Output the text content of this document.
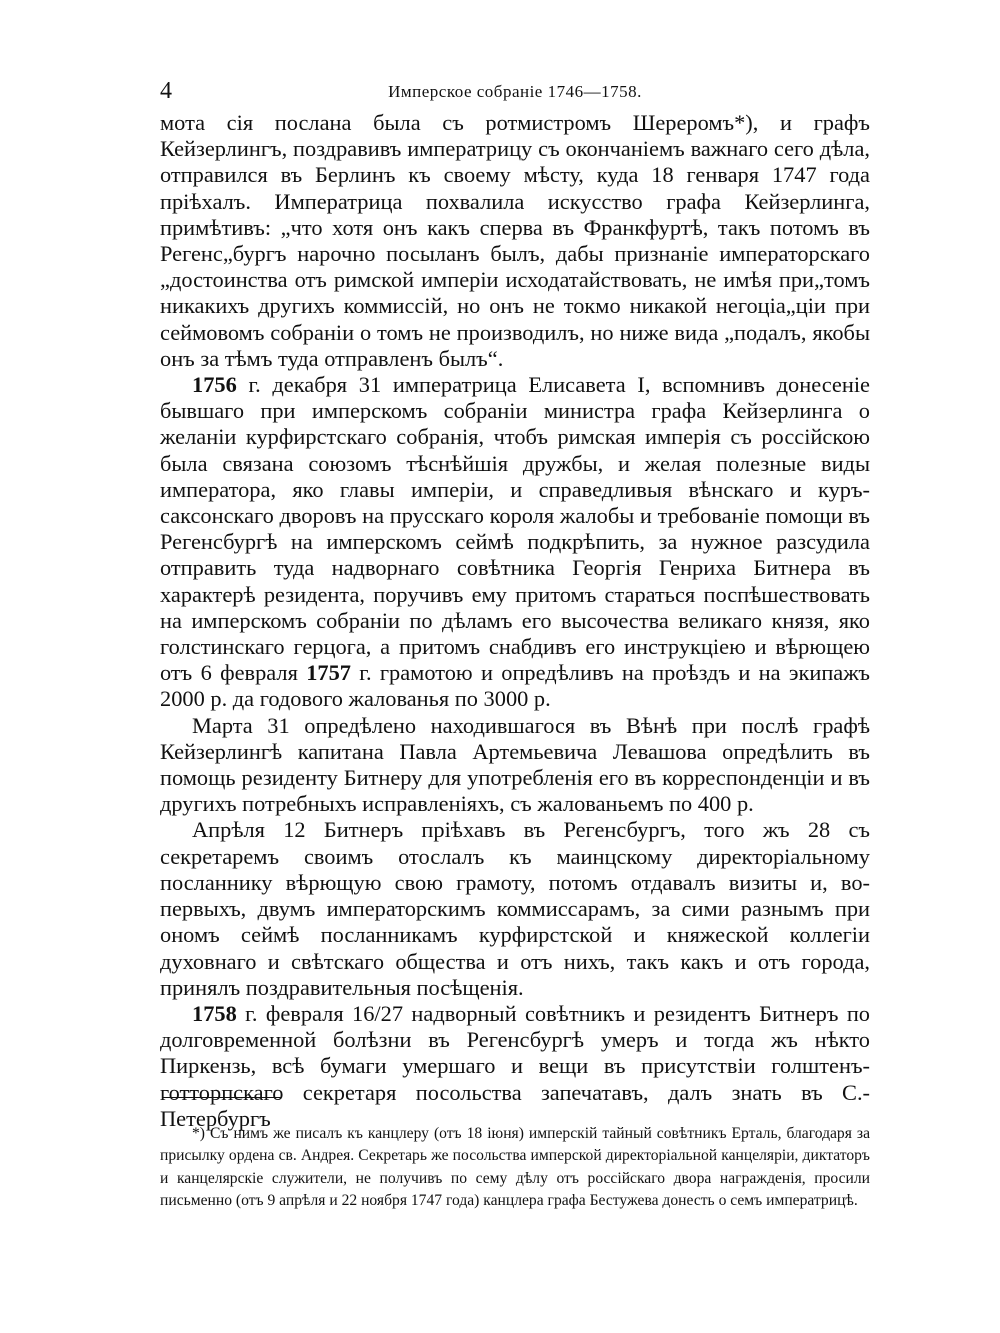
4	Имперское собраніе 1746—1758.

мота сія послана была съ ротмистромъ Шереромъ*), и графъ Кейзерлингъ, поздравивъ императрицу съ окончаніемъ важнаго сего дѣла, отправился въ Берлинъ къ своему мѣсту, куда 18 генваря 1747 года пріѣхалъ. Императрица похвалила искусство графа Кейзерлинга, примѣтивъ: „что хотя онъ какъ сперва въ Франкфуртѣ, такъ потомъ въ Регенс„бургъ нарочно посыланъ былъ, дабы признаніе императорскаго „достоинства отъ римской имперіи исходатайствовать, не имѣя при„томъ никакихъ другихъ коммиссій, но онъ не токмо никакой негоціа„ціи при сеймовомъ собраніи о томъ не производилъ, но ниже вида „подалъ, якобы онъ за тѣмъ туда отправленъ былъ“.

1756 г. декабря 31 императрица Елисавета I, вспомнивъ донесеніе бывшаго при имперскомъ собраніи министра графа Кейзерлинга о желаніи курфирстскаго собранія, чтобъ римская имперія съ россійскою была связана союзомъ тѣснѣйшія дружбы, и желая полезные виды императора, яко главы имперіи, и справедливыя вѣнскаго и куръ-саксонскаго дворовъ на прусскаго короля жалобы и требованіе помощи въ Регенсбургѣ на имперскомъ сеймѣ подкрѣпить, за нужное разсудила отправить туда надворнаго совѣтника Георгія Генриха Битнера въ характерѣ резидента, поручивъ ему притомъ стараться поспѣшествовать на имперскомъ собраніи по дѣламъ его высочества великаго князя, яко голстинскаго герцога, а притомъ снабдивъ его инструкціею и вѣрющею отъ 6 февраля 1757 г. грамотою и опредѣливъ на проѣздъ и на экипажъ 2000 р. да годового жалованья по 3000 р.

Марта 31 опредѣлено находившагося въ Вѣнѣ при послѣ графѣ Кейзерлингѣ капитана Павла Артемьевича Левашова опредѣлить въ помощь резиденту Битнеру для употребленія его въ корреспонденціи и въ другихъ потребныхъ исправленіяхъ, съ жалованьемъ по 400 р.

Апрѣля 12 Битнеръ пріѣхавъ въ Регенсбургъ, того жъ 28 съ секретаремъ своимъ отослалъ къ маинцскому директоріальному посланнику вѣрющую свою грамоту, потомъ отдавалъ визиты и, во-первыхъ, двумъ императорскимъ коммиссарамъ, за сими разнымъ при ономъ сеймѣ посланникамъ курфирстской и княжеской коллегіи духовнаго и свѣтскаго общества и отъ нихъ, такъ какъ и отъ города, принялъ поздравительныя посѣщенія.

1758 г. февраля 16/27 надворный совѣтникъ и резидентъ Битнеръ по долговременной болѣзни въ Регенсбургѣ умеръ и тогда жъ нѣкто Пиркензь, всѣ бумаги умершаго и вещи въ присутствіи голштенъ-готторпскаго секретаря посольства запечатавъ, далъ знать въ С.-Петербургъ

*) Съ нимъ же писалъ къ канцлеру (отъ 18 іюня) имперскій тайный совѣтникъ Ерталь, благодаря за присылку ордена св. Андрея. Секретарь же посольства имперской директоріальной канцеляріи, диктаторъ и канцелярскіе служители, не получивъ по сему дѣлу отъ россійскаго двора награжденія, просили письменно (отъ 9 апрѣля и 22 ноября 1747 года) канцлера графа Бестужева донесть о семъ императрицѣ.
